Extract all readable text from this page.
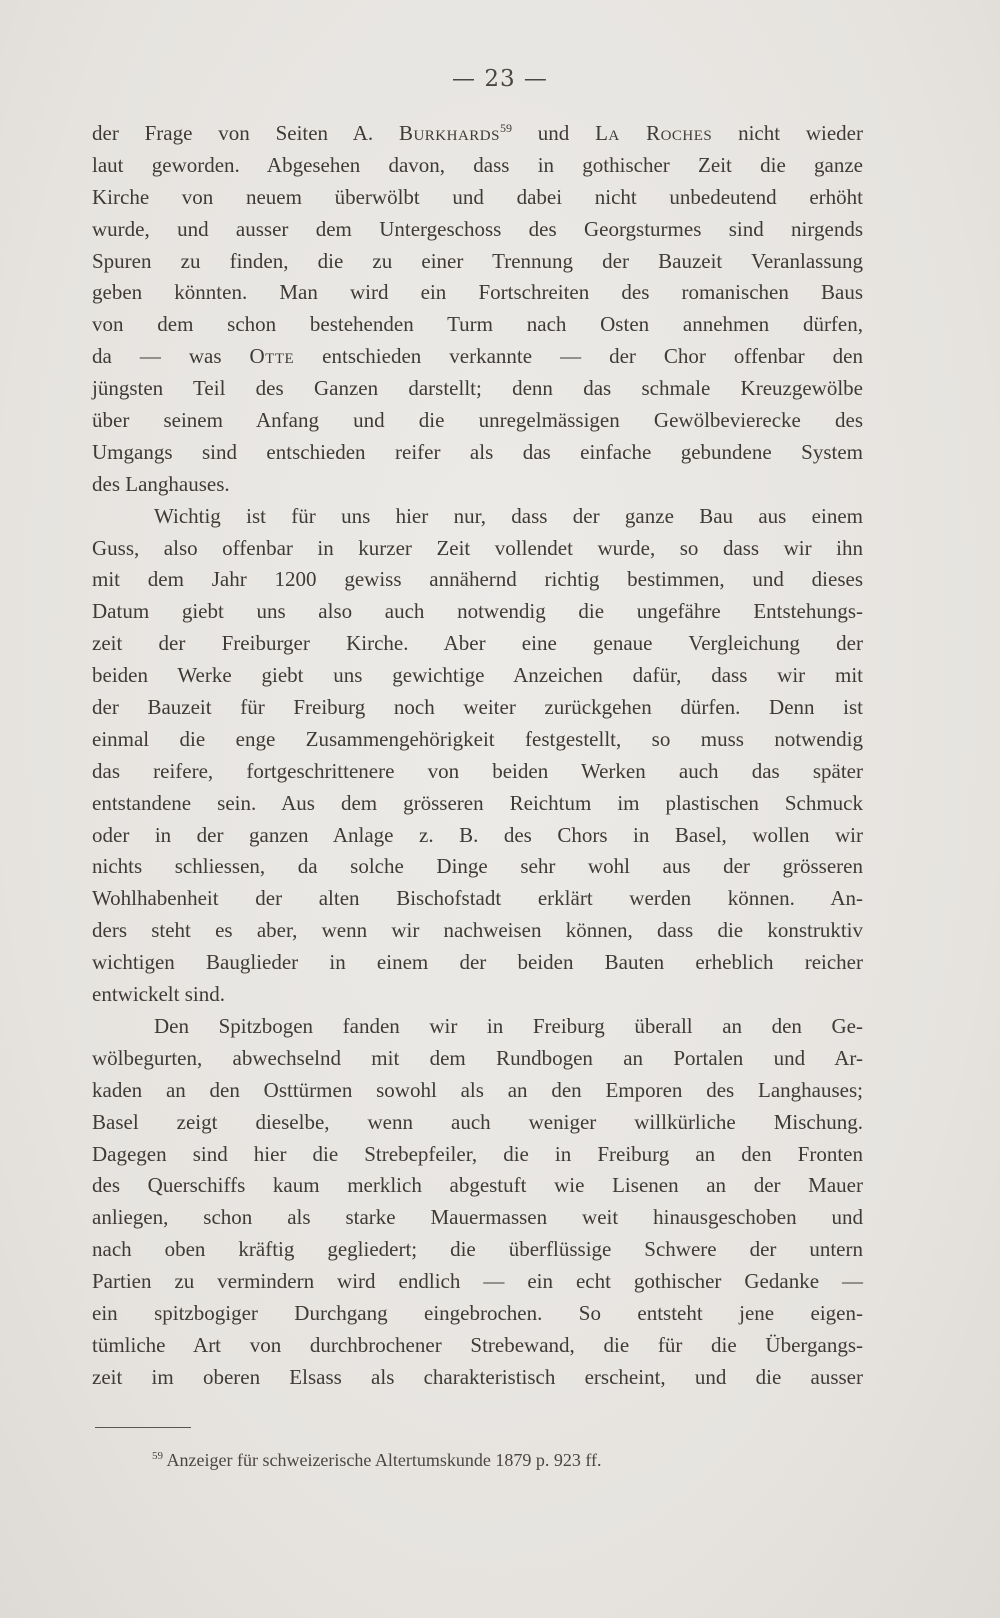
— 23 —
der Frage von Seiten A. Burkhards$^{59}$ und La Roches nicht wieder
laut geworden. Abgesehen davon, dass in gothischer Zeit die ganze
Kirche von neuem überwölbt und dabei nicht unbedeutend erhöht
wurde, und ausser dem Untergeschoss des Georgsturmes sind nirgends
Spuren zu finden, die zu einer Trennung der Bauzeit Veranlassung
geben könnten. Man wird ein Fortschreiten des romanischen Baus
von dem schon bestehenden Turm nach Osten annehmen dürfen,
da — was Otte entschieden verkannte — der Chor offenbar den
jüngsten Teil des Ganzen darstellt; denn das schmale Kreuzgewölbe
über seinem Anfang und die unregelmässigen Gewölbevierecke des
Umgangs sind entschieden reifer als das einfache gebundene System
des Langhauses.
Wichtig ist für uns hier nur, dass der ganze Bau aus einem
Guss, also offenbar in kurzer Zeit vollendet wurde, so dass wir ihn
mit dem Jahr 1200 gewiss annähernd richtig bestimmen, und dieses
Datum giebt uns also auch notwendig die ungefähre Entstehungs-
zeit der Freiburger Kirche. Aber eine genaue Vergleichung der
beiden Werke giebt uns gewichtige Anzeichen dafür, dass wir mit
der Bauzeit für Freiburg noch weiter zurückgehen dürfen. Denn ist
einmal die enge Zusammengehörigkeit festgestellt, so muss notwendig
das reifere, fortgeschrittenere von beiden Werken auch das später
entstandene sein. Aus dem grösseren Reichtum im plastischen Schmuck
oder in der ganzen Anlage z. B. des Chors in Basel, wollen wir
nichts schliessen, da solche Dinge sehr wohl aus der grösseren
Wohlhabenheit der alten Bischofstadt erklärt werden können. An-
ders steht es aber, wenn wir nachweisen können, dass die konstruktiv
wichtigen Bauglieder in einem der beiden Bauten erheblich reicher
entwickelt sind.
Den Spitzbogen fanden wir in Freiburg überall an den Ge-
wölbegurten, abwechselnd mit dem Rundbogen an Portalen und Ar-
kaden an den Osttürmen sowohl als an den Emporen des Langhauses;
Basel zeigt dieselbe, wenn auch weniger willkürliche Mischung.
Dagegen sind hier die Strebepfeiler, die in Freiburg an den Fronten
des Querschiffs kaum merklich abgestuft wie Lisenen an der Mauer
anliegen, schon als starke Mauermassen weit hinausgeschoben und
nach oben kräftig gegliedert; die überflüssige Schwere der untern
Partien zu vermindern wird endlich — ein echt gothischer Gedanke —
ein spitzbogiger Durchgang eingebrochen. So entsteht jene eigen-
tümliche Art von durchbrochener Strebewand, die für die Übergangs-
zeit im oberen Elsass als charakteristisch erscheint, und die ausser
$^{59}$ Anzeiger für schweizerische Altertumskunde 1879 p. 923 ff.
